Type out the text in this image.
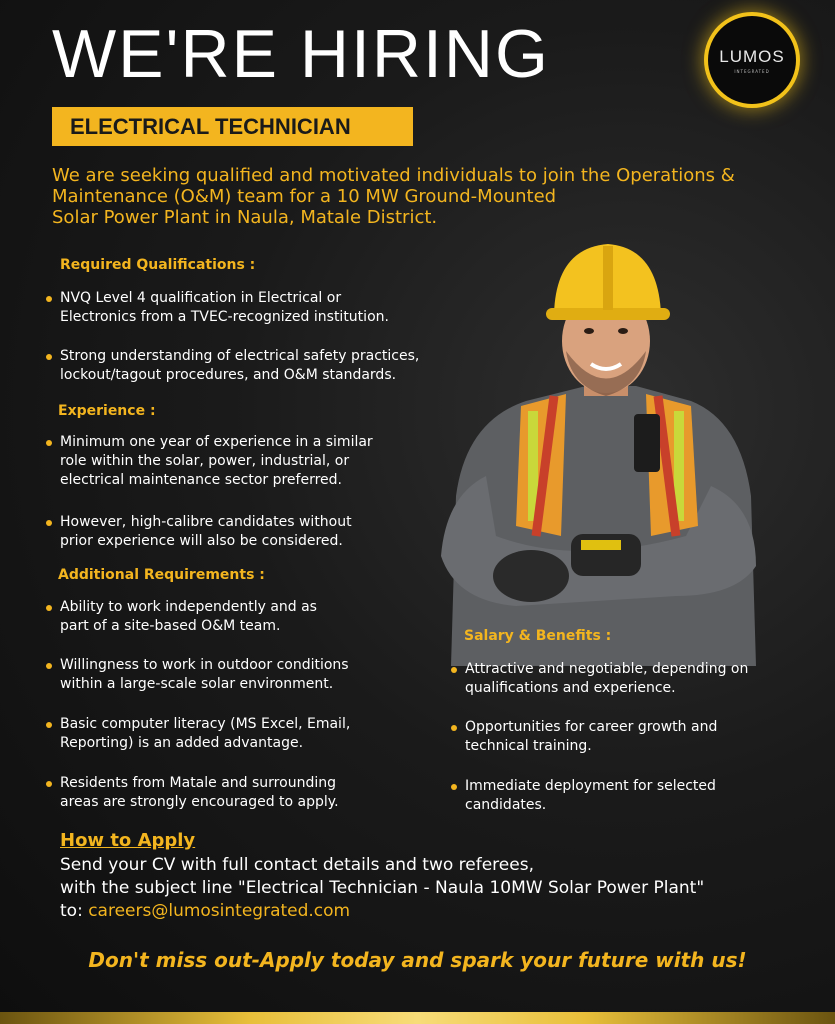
WE'RE HIRING	LUMOS
INTEGRATED
ELECTRICAL TECHNICIAN
We are seeking qualified and motivated individuals to join the Operations &
Maintenance (O&M) team for a 10 MW Ground-Mounted
Solar Power Plant in Naula, Matale District.
Required Qualifications :
NVQ Level 4 qualification in Electrical or
Electronics from a TVEC-recognized institution.
Strong understanding of electrical safety practices,
lockout/tagout procedures, and O&M standards.
Experience :
Minimum one year of experience in a similar
role within the solar, power, industrial, or
electrical maintenance sector preferred.
However, high-calibre candidates without
prior experience will also be considered.
Additional Requirements :
Ability to work independently and as
part of a site-based O&M team.
Willingness to work in outdoor conditions
within a large-scale solar environment.
Basic computer literacy (MS Excel, Email,
Reporting) is an added advantage.
Residents from Matale and surrounding
areas are strongly encouraged to apply.
Salary & Benefits :
Attractive and negotiable, depending on
qualifications and experience.
Opportunities for career growth and
technical training.
Immediate deployment for selected
candidates.
How to Apply
Send your CV with full contact details and two referees,
with the subject line "Electrical Technician - Naula 10MW Solar Power Plant"
to: careers@lumosintegrated.com
Don't miss out-Apply today and spark your future with us!
